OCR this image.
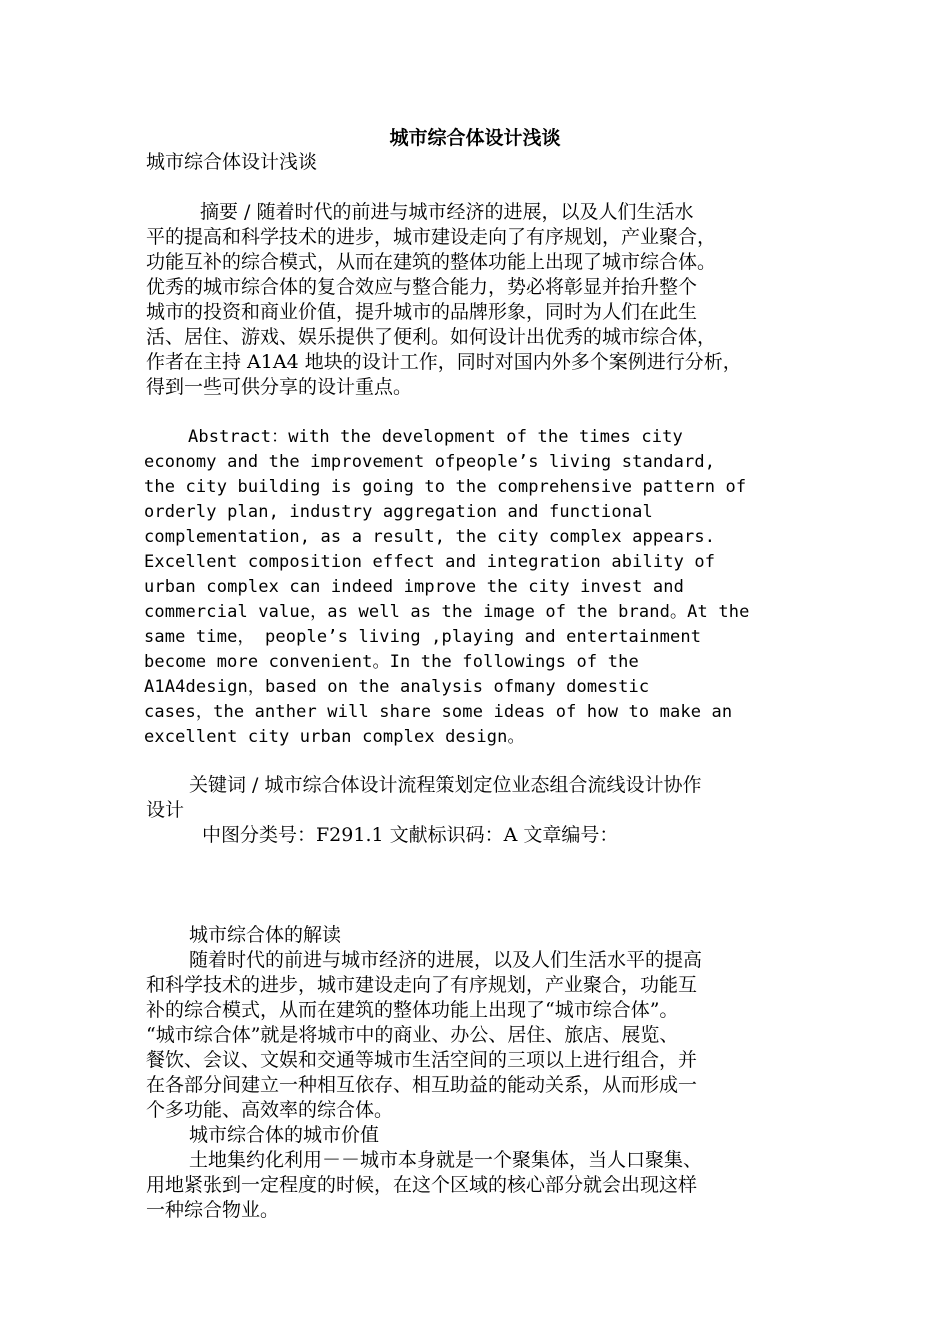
城市综合体设计浅谈
城市综合体设计浅谈
摘要 / 随着时代的前进与城市经济的进展，以及人们生活水
平的提高和科学技术的进步，城市建设走向了有序规划，产业聚合，
功能互补的综合模式，从而在建筑的整体功能上出现了城市综合体。
优秀的城市综合体的复合效应与整合能力，势必将彰显并抬升整个
城市的投资和商业价值，提升城市的品牌形象，同时为人们在此生
活、居住、游戏、娱乐提供了便利。如何设计出优秀的城市综合体，
作者在主持 A1A4 地块的设计工作，同时对国内外多个案例进行分析，
得到一些可供分享的设计重点。
Abstract：with the development of the times city
economy and the improvement ofpeople’s living standard,
the city building is going to the comprehensive pattern of
orderly plan, industry aggregation and functional
complementation, as a result, the city complex appears.
Excellent composition effect and integration ability of
urban complex can indeed improve the city invest and
commercial value，as well as the image of the brand。At the
same time， people’s living ,playing and entertainment
become more convenient。In the followings of the
A1A4design，based on the analysis ofmany domestic
cases，the anther will share some ideas of how to make an
excellent city urban complex design。
关键词 / 城市综合体设计流程策划定位业态组合流线设计协作
设计
中图分类号：F291.1 文献标识码：A 文章编号：
城市综合体的解读
随着时代的前进与城市经济的进展，以及人们生活水平的提高
和科学技术的进步，城市建设走向了有序规划，产业聚合，功能互
补的综合模式，从而在建筑的整体功能上出现了“城市综合体”。
“城市综合体”就是将城市中的商业、办公、居住、旅店、展览、
餐饮、会议、文娱和交通等城市生活空间的三项以上进行组合，并
在各部分间建立一种相互依存、相互助益的能动关系，从而形成一
个多功能、高效率的综合体。
城市综合体的城市价值
土地集约化利用－－城市本身就是一个聚集体，当人口聚集、
用地紧张到一定程度的时候，在这个区域的核心部分就会出现这样
一种综合物业。
